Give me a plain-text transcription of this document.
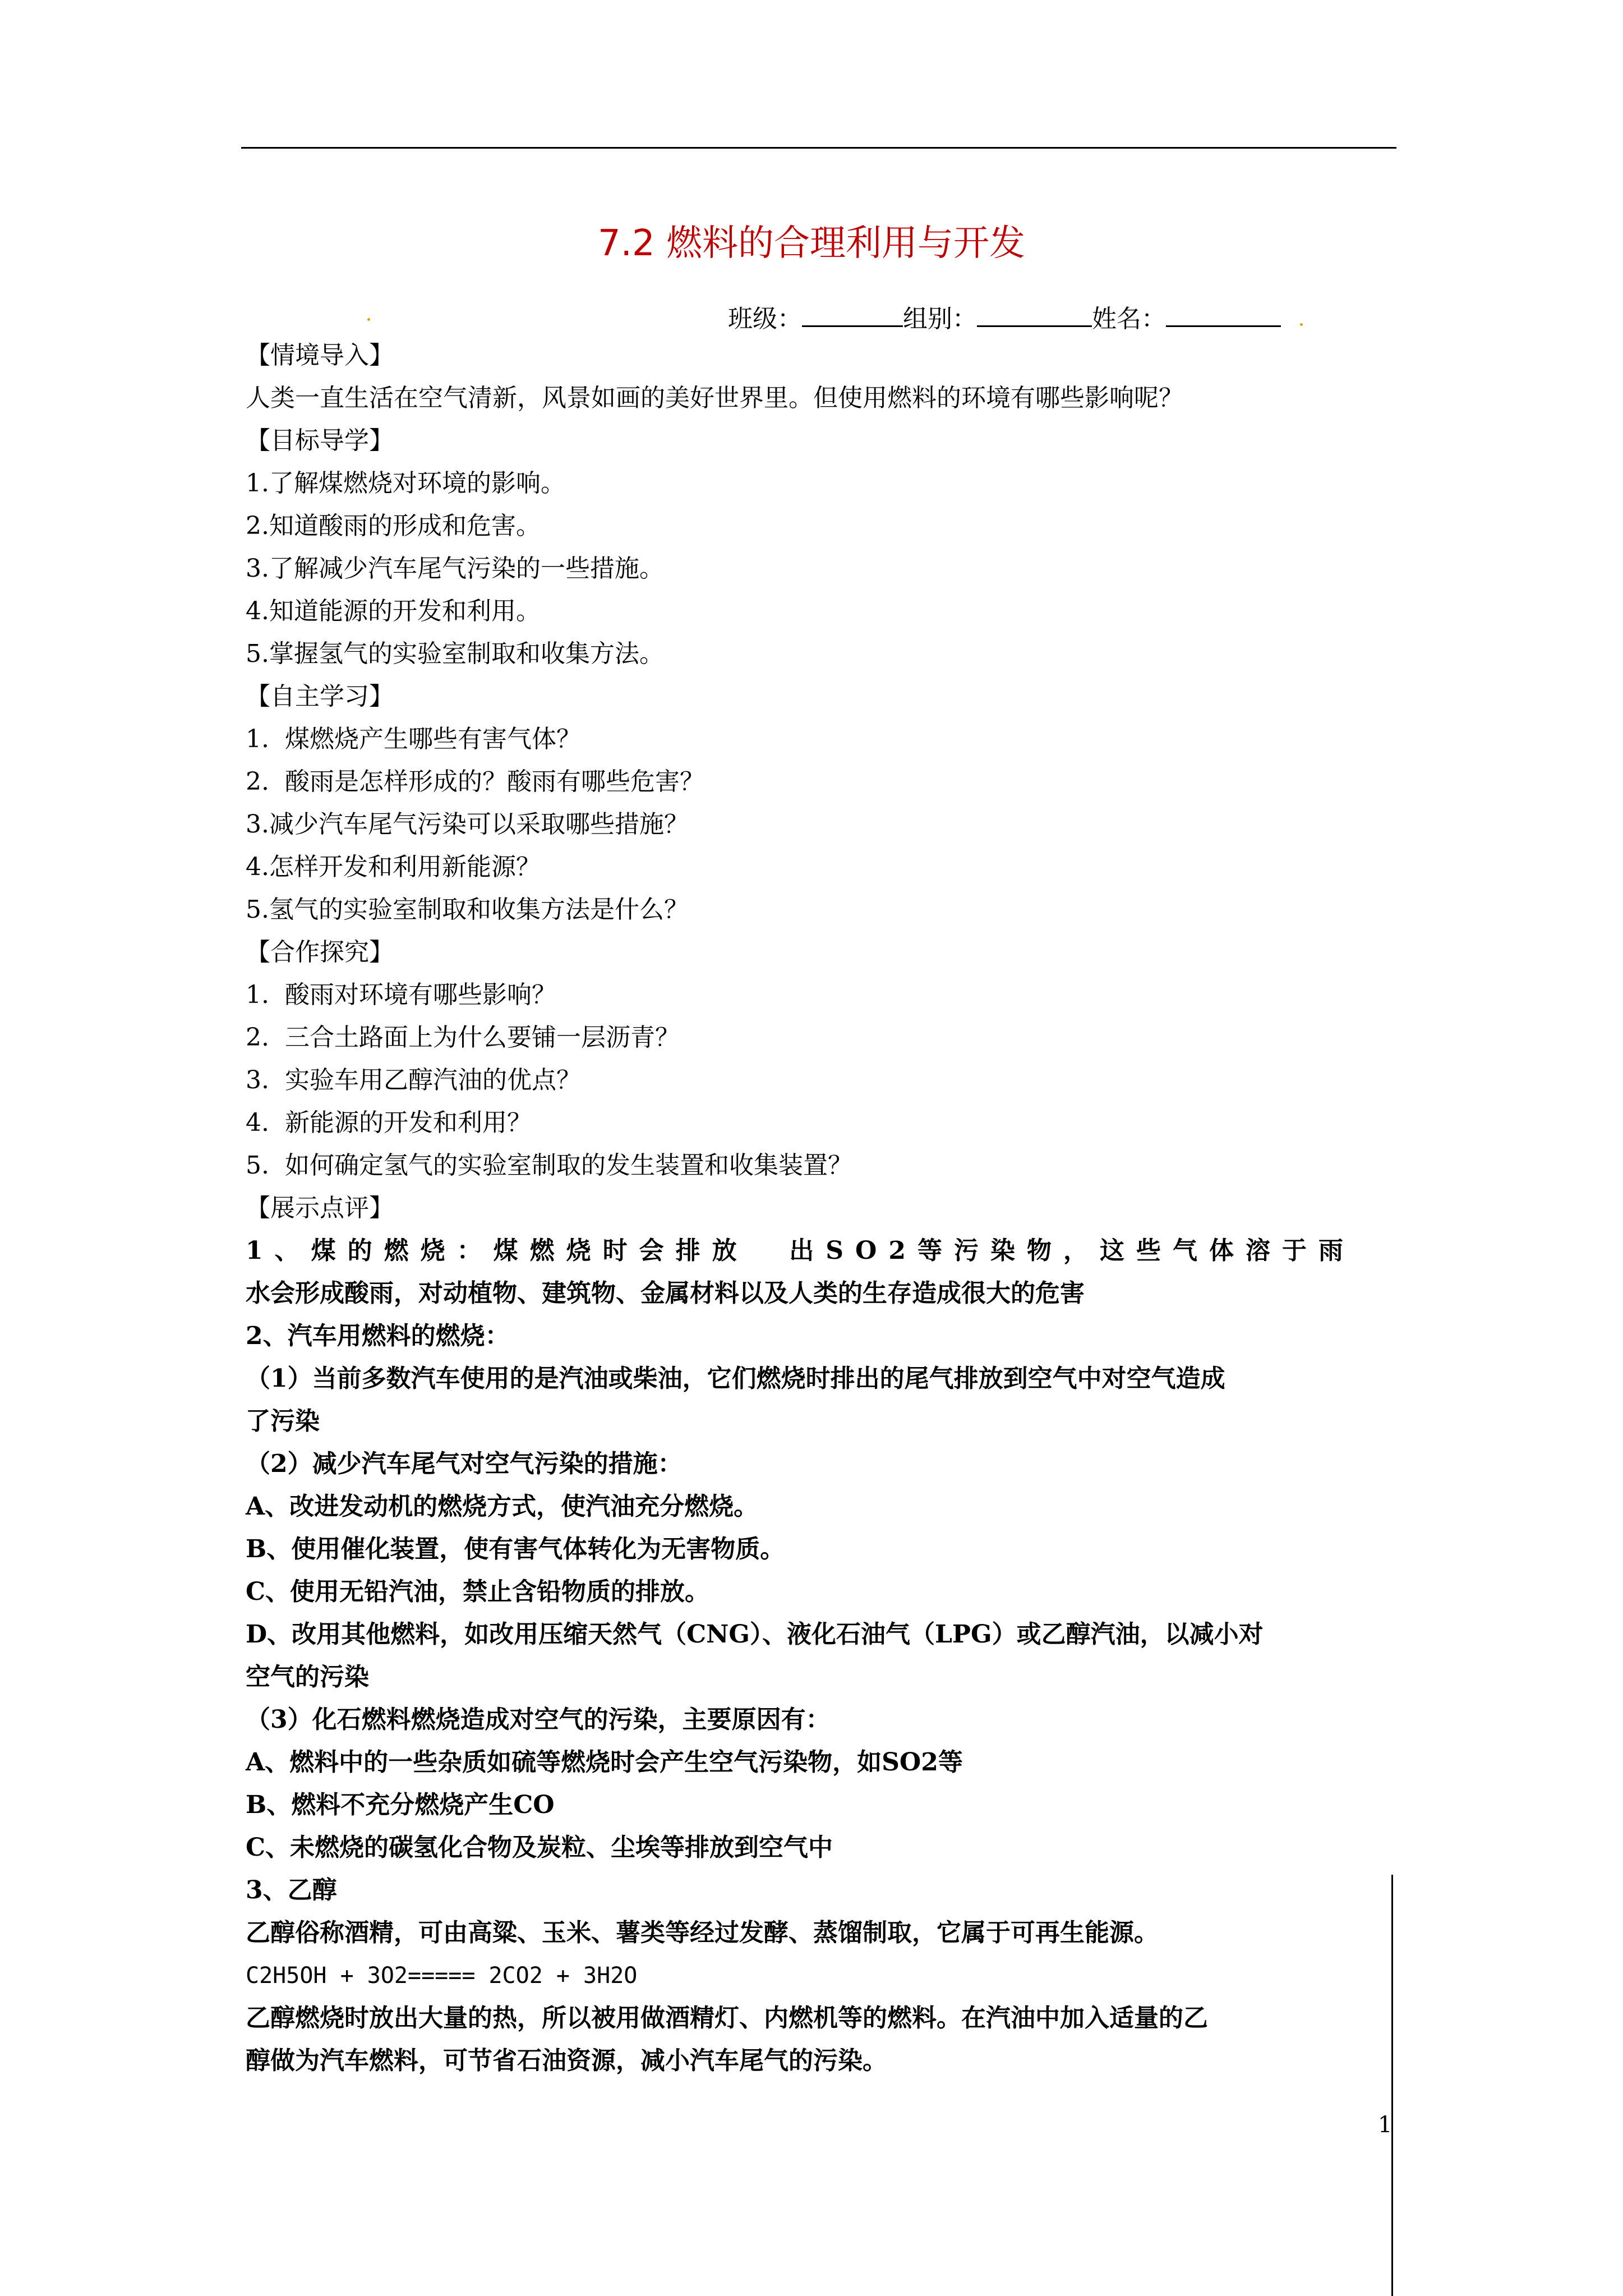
7.2 燃料的合理利用与开发
班级：	组别：	姓名：
【情境导入】
人类一直生活在空气清新，风景如画的美好世界里。但使用燃料的环境有哪些影响呢？
【目标导学】
1.了解煤燃烧对环境的影响。
2.知道酸雨的形成和危害。
3.了解减少汽车尾气污染的一些措施。
4.知道能源的开发和利用。
5.掌握氢气的实验室制取和收集方法。
【自主学习】
1.  煤燃烧产生哪些有害气体？
2.  酸雨是怎样形成的？酸雨有哪些危害？
3.减少汽车尾气污染可以采取哪些措施？
4.怎样开发和利用新能源？
5.氢气的实验室制取和收集方法是什么？
【合作探究】
1.  酸雨对环境有哪些影响？
2.  三合土路面上为什么要铺一层沥青？
3.  实验车用乙醇汽油的优点？
4.  新能源的开发和利用？
5.  如何确定氢气的实验室制取的发生装置和收集装置？
【展示点评】
1、煤的燃烧：煤燃烧时会排放  出SO2等污染物，这些气体溶于雨
水会形成酸雨，对动植物、建筑物、金属材料以及人类的生存造成很大的危害
2、汽车用燃料的燃烧：
（1）当前多数汽车使用的是汽油或柴油，它们燃烧时排出的尾气排放到空气中对空气造成
了污染
（2）减少汽车尾气对空气污染的措施：
A、改进发动机的燃烧方式，使汽油充分燃烧。
B、使用催化装置，使有害气体转化为无害物质。
C、使用无铅汽油，禁止含铅物质的排放。
D、改用其他燃料，如改用压缩天然气（CNG）、液化石油气（LPG）或乙醇汽油，以减小对
空气的污染
（3）化石燃料燃烧造成对空气的污染，主要原因有：
A、燃料中的一些杂质如硫等燃烧时会产生空气污染物，如SO2等
B、燃料不充分燃烧产生CO
C、未燃烧的碳氢化合物及炭粒、尘埃等排放到空气中
3、乙醇
乙醇俗称酒精，可由高粱、玉米、薯类等经过发酵、蒸馏制取，它属于可再生能源。
C2H5OH + 3O2===== 2CO2 + 3H2O
乙醇燃烧时放出大量的热，所以被用做酒精灯、内燃机等的燃料。在汽油中加入适量的乙
醇做为汽车燃料，可节省石油资源，减小汽车尾气的污染。
1
